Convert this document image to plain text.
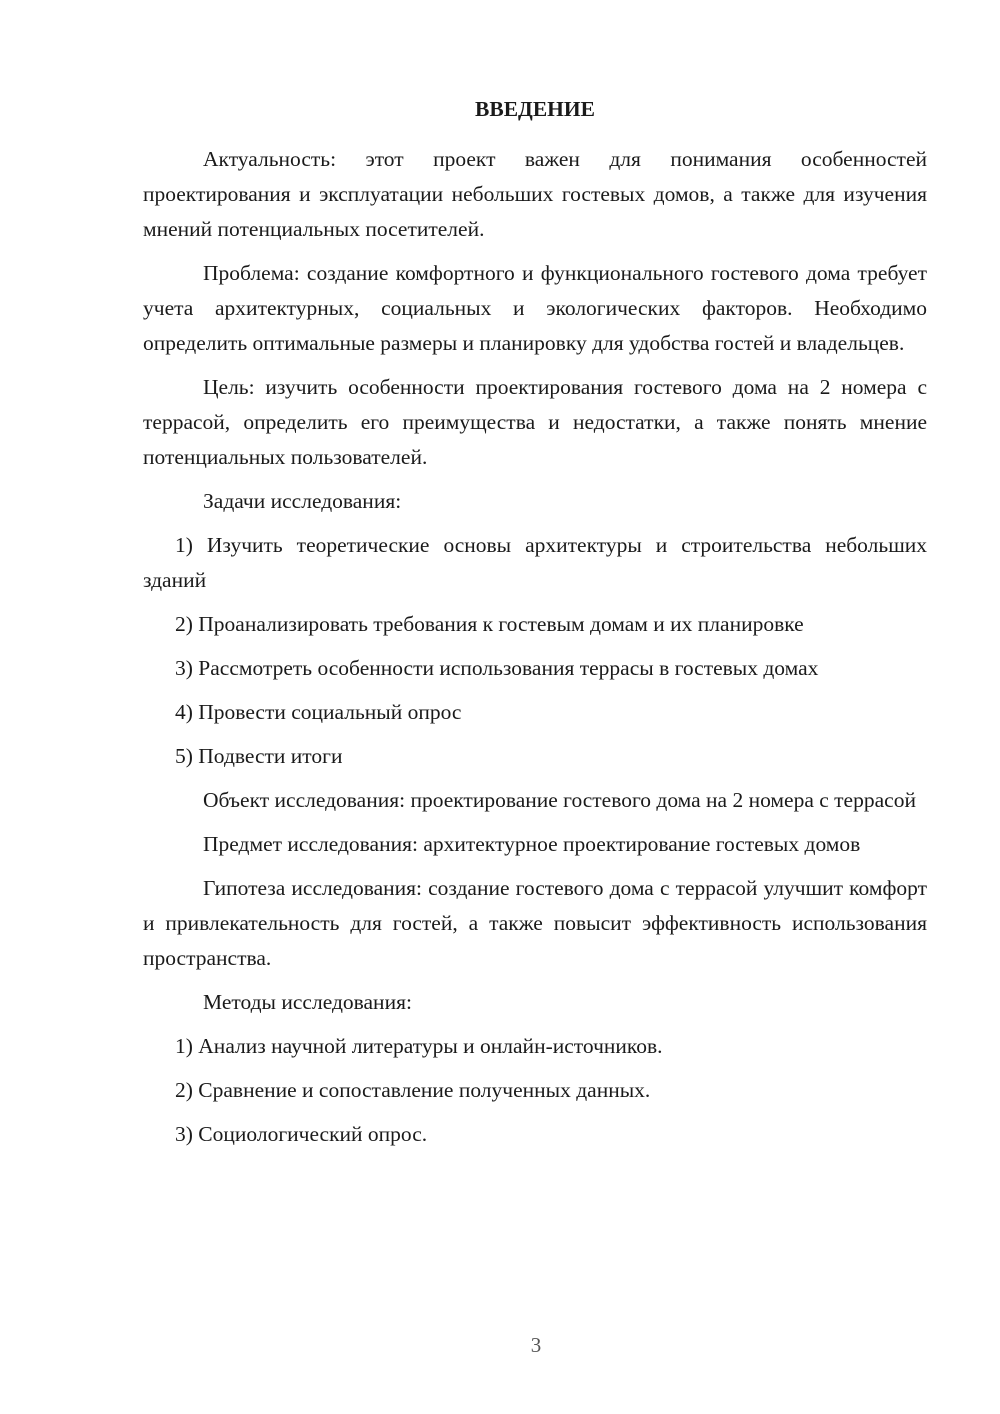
ВВЕДЕНИЕ

Актуальность: этот проект важен для понимания особенностей проектирования и эксплуатации небольших гостевых домов, а также для изучения мнений потенциальных посетителей.

Проблема: создание комфортного и функционального гостевого дома требует учета архитектурных, социальных и экологических факторов. Необходимо определить оптимальные размеры и планировку для удобства гостей и владельцев.

Цель: изучить особенности проектирования гостевого дома на 2 номера с террасой, определить его преимущества и недостатки, а также понять мнение потенциальных пользователей.

Задачи исследования:

1) Изучить теоретические основы архитектуры и строительства небольших зданий
2) Проанализировать требования к гостевым домам и их планировке
3) Рассмотреть особенности использования террасы в гостевых домах
4) Провести социальный опрос
5) Подвести итоги

Объект исследования: проектирование гостевого дома на 2 номера с террасой

Предмет исследования: архитектурное проектирование гостевых домов

Гипотеза исследования: создание гостевого дома с террасой улучшит комфорт и привлекательность для гостей, а также повысит эффективность использования пространства.

Методы исследования:

1) Анализ научной литературы и онлайн-источников.
2) Сравнение и сопоставление полученных данных.
3) Социологический опрос.
3
